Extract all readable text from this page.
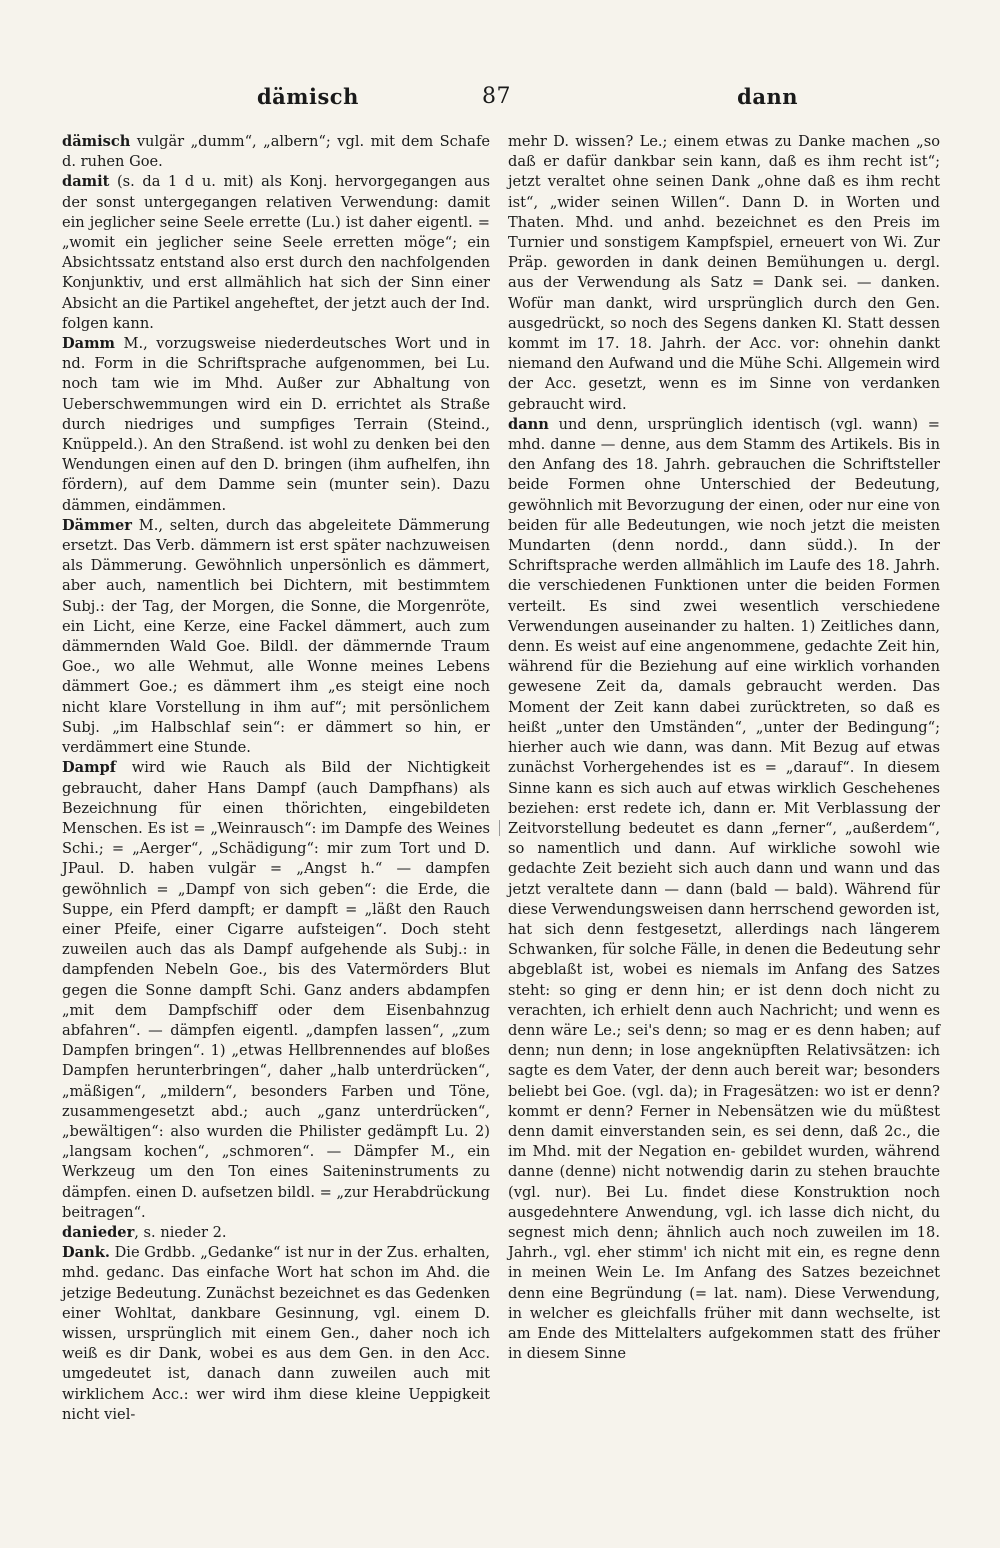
dämisch	87	dann

dämisch vulgär „dumm“, „albern“; vgl. mit dem Schafe d. ruhen Goe.

damit (s. da 1 d u. mit) als Konj. hervorgegangen aus der sonst untergegangen relativen Verwendung: damit ein jeglicher seine Seele errette (Lu.) ist daher eigentl. = „womit ein jeglicher seine Seele erretten möge“; ein Absichtssatz entstand also erst durch den nachfolgenden Konjunktiv, und erst allmählich hat sich der Sinn einer Absicht an die Partikel angeheftet, der jetzt auch der Ind. folgen kann.

Damm M., vorzugsweise niederdeutsches Wort und in nd. Form in die Schriftsprache aufgenommen, bei Lu. noch tam wie im Mhd. Außer zur Abhaltung von Ueberschwemmungen wird ein D. errichtet als Straße durch niedriges und sumpfiges Terrain (Steind., Knüppeld.). An den Straßend. ist wohl zu denken bei den Wendungen einen auf den D. bringen (ihm aufhelfen, ihn fördern), auf dem Damme sein (munter sein). Dazu dämmen, eindämmen.

Dämmer M., selten, durch das abgeleitete Dämmerung ersetzt. Das Verb. dämmern ist erst später nachzuweisen als Dämmerung. Gewöhnlich unpersönlich es dämmert, aber auch, namentlich bei Dichtern, mit bestimmtem Subj.: der Tag, der Morgen, die Sonne, die Morgenröte, ein Licht, eine Kerze, eine Fackel dämmert, auch zum dämmernden Wald Goe. Bildl. der dämmernde Traum Goe., wo alle Wehmut, alle Wonne meines Lebens dämmert Goe.; es dämmert ihm „es steigt eine noch nicht klare Vorstellung in ihm auf“; mit persönlichem Subj. „im Halbschlaf sein“: er dämmert so hin, er verdämmert eine Stunde.

Dampf wird wie Rauch als Bild der Nichtigkeit gebraucht, daher Hans Dampf (auch Dampfhans) als Bezeichnung für einen thörichten, eingebildeten Menschen. Es ist = „Weinrausch“: im Dampfe des Weines Schi.; = „Aerger“, „Schädigung“: mir zum Tort und D. JPaul. D. haben vulgär = „Angst h.“ — dampfen gewöhnlich = „Dampf von sich geben“: die Erde, die Suppe, ein Pferd dampft; er dampft = „läßt den Rauch einer Pfeife, einer Cigarre aufsteigen“. Doch steht zuweilen auch das als Dampf aufgehende als Subj.: in dampfenden Nebeln Goe., bis des Vatermörders Blut gegen die Sonne dampft Schi. Ganz anders abdampfen „mit dem Dampfschiff oder dem Eisenbahnzug abfahren“. — dämpfen eigentl. „dampfen lassen“, „zum Dampfen bringen“. 1) „etwas Hellbrennendes auf bloßes Dampfen herunterbringen“, daher „halb unterdrücken“, „mäßigen“, „mildern“, besonders Farben und Töne, zusammengesetzt abd.; auch „ganz unterdrücken“, „bewältigen“: also wurden die Philister gedämpft Lu. 2) „langsam kochen“, „schmoren“. — Dämpfer M., ein Werkzeug um den Ton eines Saiteninstruments zu dämpfen. einen D. aufsetzen bildl. = „zur Herabdrückung beitragen“.

danieder, s. nieder 2.

Dank. Die Grdbb. „Gedanke“ ist nur in der Zus. erhalten, mhd. gedanc. Das einfache Wort hat schon im Ahd. die jetzige Bedeutung. Zunächst bezeichnet es das Gedenken einer Wohltat, dankbare Gesinnung, vgl. einem D. wissen, ursprünglich mit einem Gen., daher noch ich weiß es dir Dank, wobei es aus dem Gen. in den Acc. umgedeutet ist, danach dann zuweilen auch mit wirklichem Acc.: wer wird ihm diese kleine Ueppigkeit nicht viel-

mehr D. wissen? Le.; einem etwas zu Danke machen „so daß er dafür dankbar sein kann, daß es ihm recht ist“; jetzt veraltet ohne seinen Dank „ohne daß es ihm recht ist“, „wider seinen Willen“. Dann D. in Worten und Thaten. Mhd. und anhd. bezeichnet es den Preis im Turnier und sonstigem Kampfspiel, erneuert von Wi. Zur Präp. geworden in dank deinen Bemühungen u. dergl. aus der Verwendung als Satz = Dank sei. — danken. Wofür man dankt, wird ursprünglich durch den Gen. ausgedrückt, so noch des Segens danken Kl. Statt dessen kommt im 17. 18. Jahrh. der Acc. vor: ohnehin dankt niemand den Aufwand und die Mühe Schi. Allgemein wird der Acc. gesetzt, wenn es im Sinne von verdanken gebraucht wird.

dann und denn, ursprünglich identisch (vgl. wann) = mhd. danne — denne, aus dem Stamm des Artikels. Bis in den Anfang des 18. Jahrh. gebrauchen die Schriftsteller beide Formen ohne Unterschied der Bedeutung, gewöhnlich mit Bevorzugung der einen, oder nur eine von beiden für alle Bedeutungen, wie noch jetzt die meisten Mundarten (denn nordd., dann südd.). In der Schriftsprache werden allmählich im Laufe des 18. Jahrh. die verschiedenen Funktionen unter die beiden Formen verteilt. Es sind zwei wesentlich verschiedene Verwendungen auseinander zu halten. 1) Zeitliches dann, denn. Es weist auf eine angenommene, gedachte Zeit hin, während für die Beziehung auf eine wirklich vorhanden gewesene Zeit da, damals gebraucht werden. Das Moment der Zeit kann dabei zurücktreten, so daß es heißt „unter den Umständen“, „unter der Bedingung“; hierher auch wie dann, was dann. Mit Bezug auf etwas zunächst Vorhergehendes ist es = „darauf“. In diesem Sinne kann es sich auch auf etwas wirklich Geschehenes beziehen: erst redete ich, dann er. Mit Verblassung der Zeitvorstellung bedeutet es dann „ferner“, „außerdem“, so namentlich und dann. Auf wirkliche sowohl wie gedachte Zeit bezieht sich auch dann und wann und das jetzt veraltete dann — dann (bald — bald). Während für diese Verwendungsweisen dann herrschend geworden ist, hat sich denn festgesetzt, allerdings nach längerem Schwanken, für solche Fälle, in denen die Bedeutung sehr abgeblaßt ist, wobei es niemals im Anfang des Satzes steht: so ging er denn hin; er ist denn doch nicht zu verachten, ich erhielt denn auch Nachricht; und wenn es denn wäre Le.; sei's denn; so mag er es denn haben; auf denn; nun denn; in lose angeknüpften Relativsätzen: ich sagte es dem Vater, der denn auch bereit war; besonders beliebt bei Goe. (vgl. da); in Fragesätzen: wo ist er denn? kommt er denn? Ferner in Nebensätzen wie du müßtest denn damit einverstanden sein, es sei denn, daß 2c., die im Mhd. mit der Negation en- gebildet wurden, während danne (denne) nicht notwendig darin zu stehen brauchte (vgl. nur). Bei Lu. findet diese Konstruktion noch ausgedehntere Anwendung, vgl. ich lasse dich nicht, du segnest mich denn; ähnlich auch noch zuweilen im 18. Jahrh., vgl. eher stimm' ich nicht mit ein, es regne denn in meinen Wein Le. Im Anfang des Satzes bezeichnet denn eine Begründung (= lat. nam). Diese Verwendung, in welcher es gleichfalls früher mit dann wechselte, ist am Ende des Mittelalters aufgekommen statt des früher in diesem Sinne
